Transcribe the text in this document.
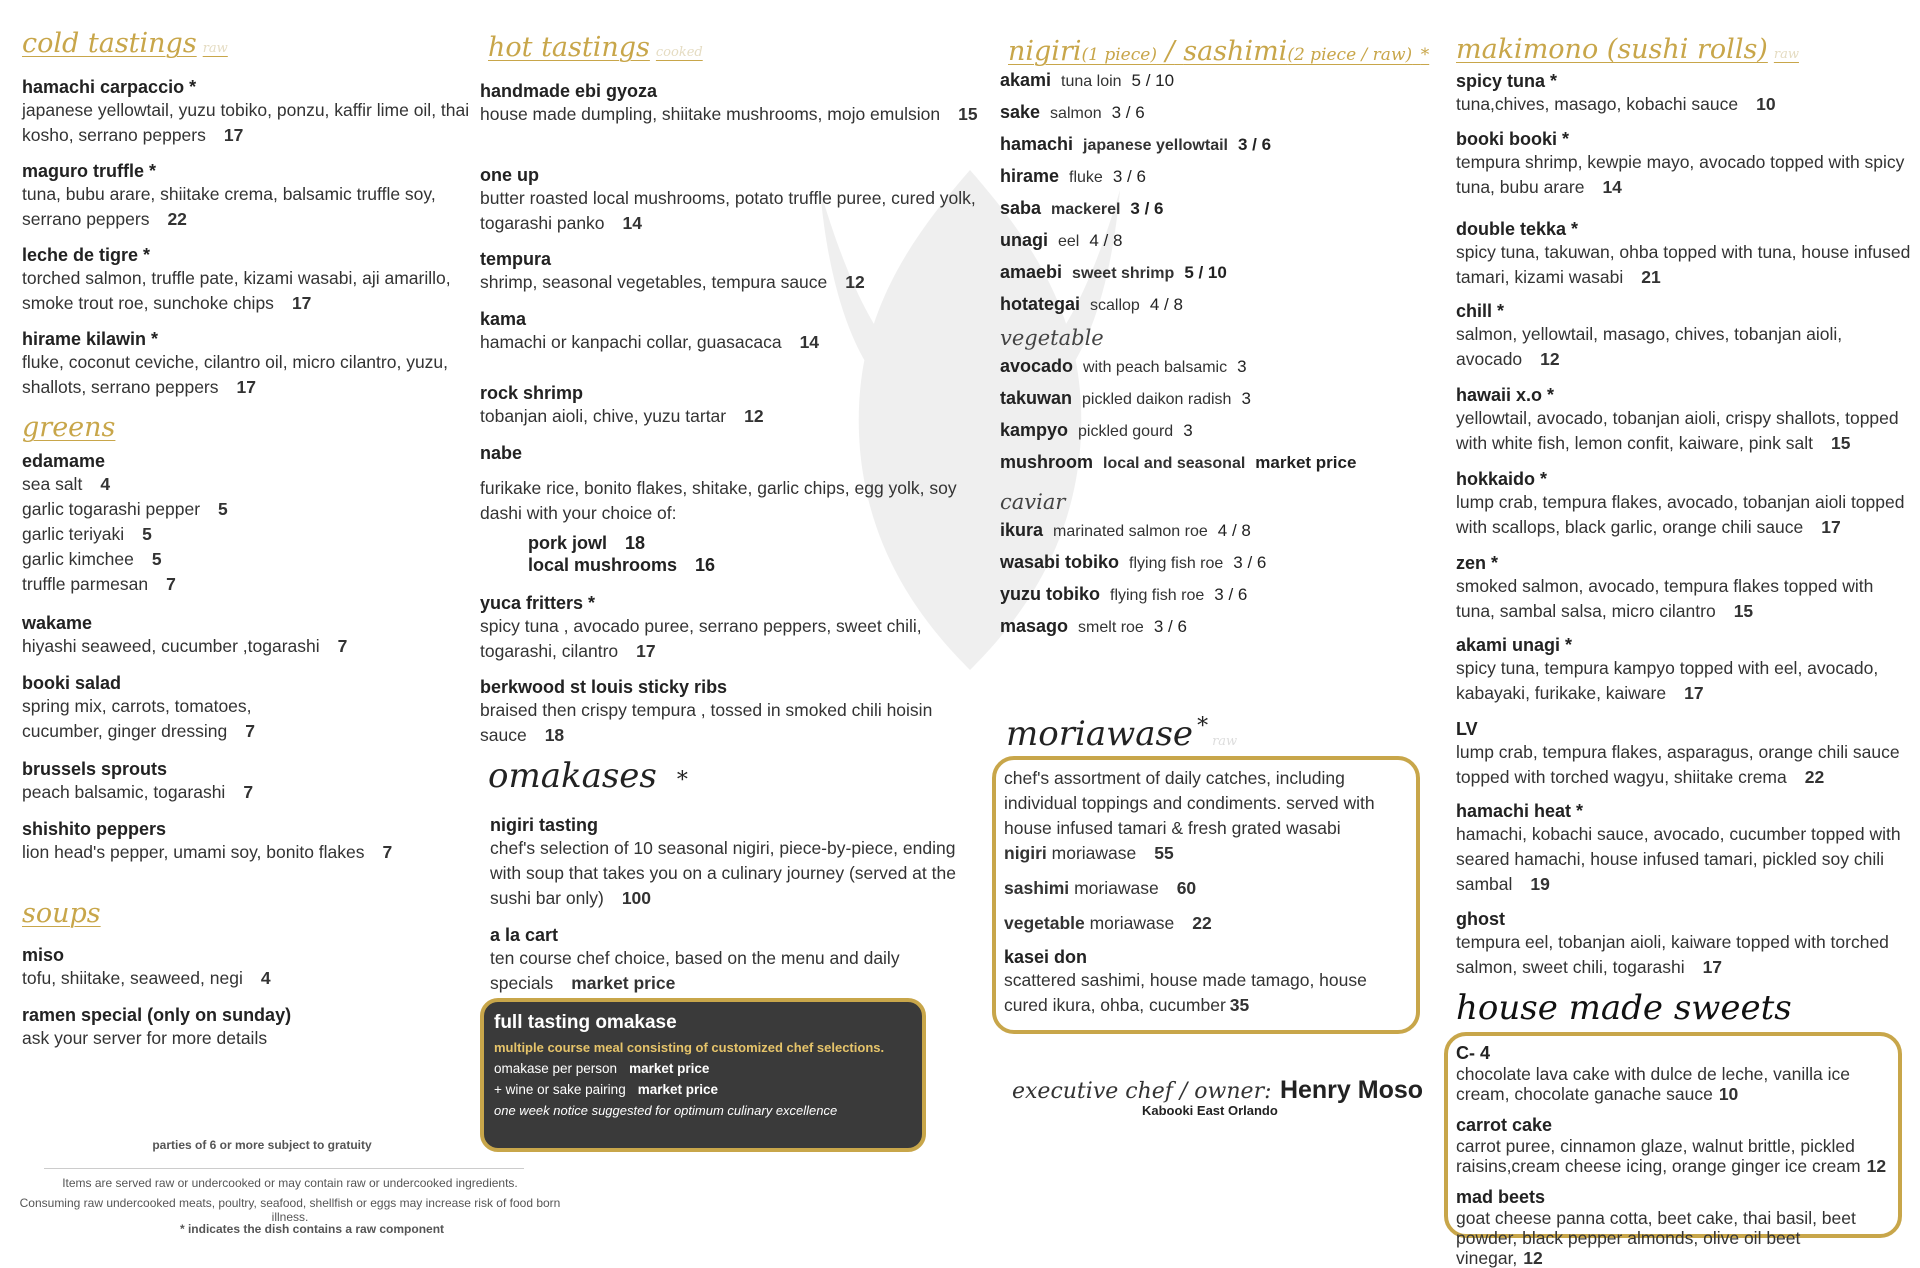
cold tastings raw
hamachi carpaccio *
japanese yellowtail, yuzu tobiko, ponzu, kaffir lime oil, thai kosho, serrano peppers 17
maguro truffle *
tuna, bubu arare, shiitake crema, balsamic truffle soy, serrano peppers 22
leche de tigre *
torched salmon, truffle pate, kizami wasabi, aji amarillo, smoke trout roe, sunchoke chips 17
hirame kilawin *
fluke, coconut ceviche, cilantro oil, micro cilantro, yuzu, shallots, serrano peppers 17
greens
edamame
sea salt 4
garlic togarashi pepper 5
garlic teriyaki 5
garlic kimchee 5
truffle parmesan 7
wakame
hiyashi seaweed, cucumber ,togarashi 7
booki salad
spring mix, carrots, tomatoes, cucumber, ginger dressing 7
brussels sprouts
peach balsamic, togarashi 7
shishito peppers
lion head's pepper, umami soy, bonito flakes 7
soups
miso
tofu, shiitake, seaweed, negi 4
ramen special (only on sunday)
ask your server for more details
parties of 6 or more subject to gratuity
Items are served raw or undercooked or may contain raw or undercooked ingredients.
Consuming raw undercooked meats, poultry, seafood, shellfish or eggs may increase risk of food born illness.
* indicates the dish contains a raw component
hot tastings cooked
handmade ebi gyoza
house made dumpling, shiitake mushrooms, mojo emulsion 15
one up
butter roasted local mushrooms, potato truffle puree, cured yolk, togarashi panko 14
tempura
shrimp, seasonal vegetables, tempura sauce 12
kama
hamachi or kanpachi collar, guasacaca 14
rock shrimp
tobanjan aioli, chive, yuzu tartar 12
nabe
furikake rice, bonito flakes, shitake, garlic chips, egg yolk, soy dashi with your choice of:
pork jowl 18
local mushrooms 16
yuca fritters *
spicy tuna , avocado puree, serrano peppers, sweet chili, togarashi, cilantro 17
berkwood st louis sticky ribs
braised then crispy tempura , tossed in smoked chili hoisin sauce 18
omakases *
nigiri tasting
chef's selection of 10 seasonal nigiri, piece-by-piece, ending with soup that takes you on a culinary journey (served at the sushi bar only) 100
a la cart
ten course chef choice, based on the menu and daily specials market price
full tasting omakase
multiple course meal consisting of customized chef selections.
omakase per person market price
+ wine or sake pairing market price
one week notice suggested for optimum culinary excellence
nigiri(1 piece) / sashimi(2 piece / raw) *
akami tuna loin 5 / 10
sake salmon 3 / 6
hamachi japanese yellowtail 3 / 6
hirame fluke 3 / 6
saba mackerel 3 / 6
unagi eel 4 / 8
amaebi sweet shrimp 5 / 10
hotategai scallop 4 / 8
vegetable
avocado with peach balsamic 3
takuwan pickled daikon radish 3
kampyo pickled gourd 3
mushroom local and seasonal market price
caviar
ikura marinated salmon roe 4 / 8
wasabi tobiko flying fish roe 3 / 6
yuzu tobiko flying fish roe 3 / 6
masago smelt roe 3 / 6
moriawase *raw
chef's assortment of daily catches, including individual toppings and condiments. served with house infused tamari & fresh grated wasabi
nigiri moriawase 55
sashimi moriawase 60
vegetable moriawase 22
kasei don
scattered sashimi, house made tamago, house cured ikura, ohba, cucumber 35
executive chef / owner: Henry Moso
Kabooki East Orlando
makimono (sushi rolls) raw
spicy tuna *
tuna,chives, masago, kobachi sauce 10
booki booki *
tempura shrimp, kewpie mayo, avocado topped with spicy tuna, bubu arare 14
double tekka *
spicy tuna, takuwan, ohba topped with tuna, house infused tamari, kizami wasabi 21
chill *
salmon, yellowtail, masago, chives, tobanjan aioli, avocado 12
hawaii x.o *
yellowtail, avocado, tobanjan aioli, crispy shallots, topped with white fish, lemon confit, kaiware, pink salt 15
hokkaido *
lump crab, tempura flakes, avocado, tobanjan aioli topped with scallops, black garlic, orange chili sauce 17
zen *
smoked salmon, avocado, tempura flakes topped with tuna, sambal salsa, micro cilantro 15
akami unagi *
spicy tuna, tempura kampyo topped with eel, avocado, kabayaki, furikake, kaiware 17
LV
lump crab, tempura flakes, asparagus, orange chili sauce topped with torched wagyu, shiitake crema 22
hamachi heat *
hamachi, kobachi sauce, avocado, cucumber topped with seared hamachi, house infused tamari, pickled soy chili sambal 19
ghost
tempura eel, tobanjan aioli, kaiware topped with torched salmon, sweet chili, togarashi 17
house made sweets
C- 4
chocolate lava cake with dulce de leche, vanilla ice cream, chocolate ganache sauce 10
carrot cake
carrot puree, cinnamon glaze, walnut brittle, pickled raisins,cream cheese icing, orange ginger ice cream 12
mad beets
goat cheese panna cotta, beet cake, thai basil, beet powder, black pepper almonds, olive oil beet vinegar, 12
